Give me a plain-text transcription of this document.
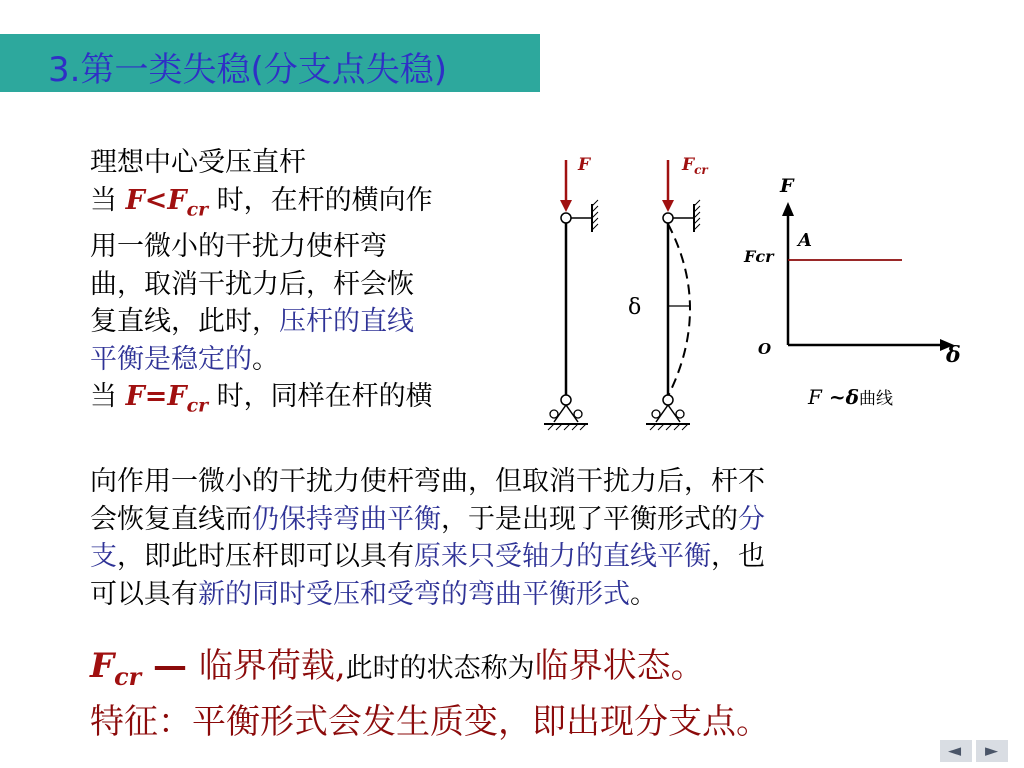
3.第一类失稳(分支点失稳)
理想中心受压直杆
当 $F<F_{cr}$ 时，在杆的横向作
用一微小的干扰力使杆弯
曲，取消干扰力后，杆会恢
复直线，此时，压杆的直线
平衡是稳定的。
当 $F=F_{cr}$ 时，同样在杆的横
向作用一微小的干扰力使杆弯曲，但取消干扰力后，杆不
会恢复直线而仍保持弯曲平衡，于是出现了平衡形式的分
支，即此时压杆即可以具有原来只受轴力的直线平衡，也
可以具有新的同时受压和受弯的弯曲平衡形式。
$F_{cr}$ — 临界荷载,此时的状态称为临界状态。
特征：平衡形式会发生质变，即出现分支点。
F	$F_{cr}$
δ
F
A
Fcr
O	δ
F ~δ曲线
◄ ►
